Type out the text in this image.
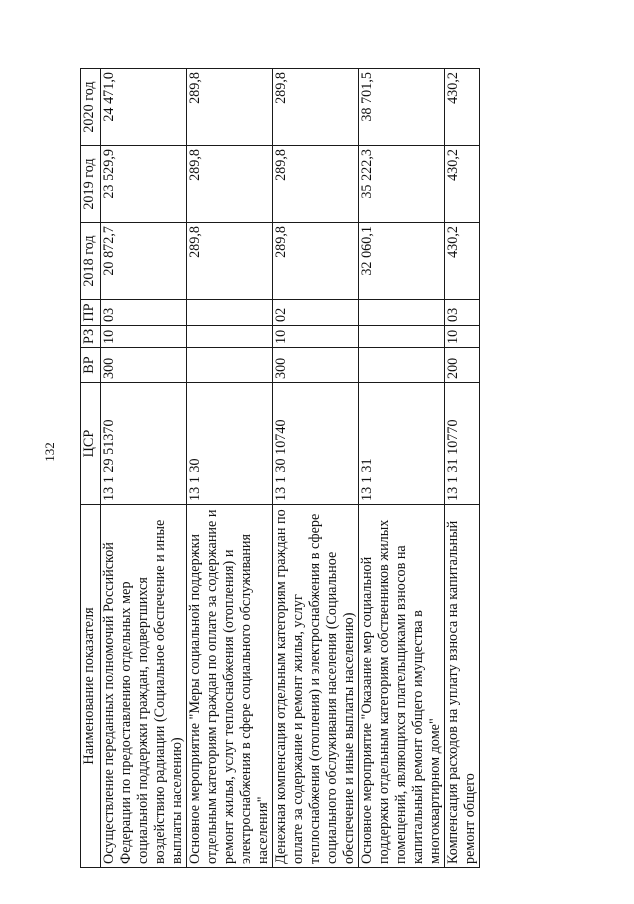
132
Наименование показателя	ЦСР	ВР	РЗ	ПР	2018 год	2019 год	2020 год
Осуществление переданных полномочий Российской Федерации по предоставлению отдельных мер социальной поддержки граждан, подвергшихся воздействию радиации (Социальное обеспечение и иные выплаты населению)	13 1 29 51370	300	10	03	20 872,7	23 529,9	24 471,0
Основное мероприятие "Меры социальной поддержки отдельным категориям граждан по оплате за содержание и ремонт жилья, услуг теплоснабжения (отопления) и электроснабжения в сфере социального обслуживания населения"	13 1 30				289,8	289,8	289,8
Денежная компенсация отдельным категориям граждан по оплате за содержание и ремонт жилья, услуг теплоснабжения (отопления) и электроснабжения в сфере социального обслуживания населения (Социальное обеспечение и иные выплаты населению)	13 1 30 10740	300	10	02	289,8	289,8	289,8
Основное мероприятие "Оказание мер социальной поддержки отдельным категориям собственников жилых помещений, являющихся плательщиками взносов на капитальный ремонт общего имущества в многоквартирном доме"	13 1 31				32 060,1	35 222,3	38 701,5
Компенсация расходов на уплату взноса на капитальный ремонт общего	13 1 31 10770	200	10	03	430,2	430,2	430,2
